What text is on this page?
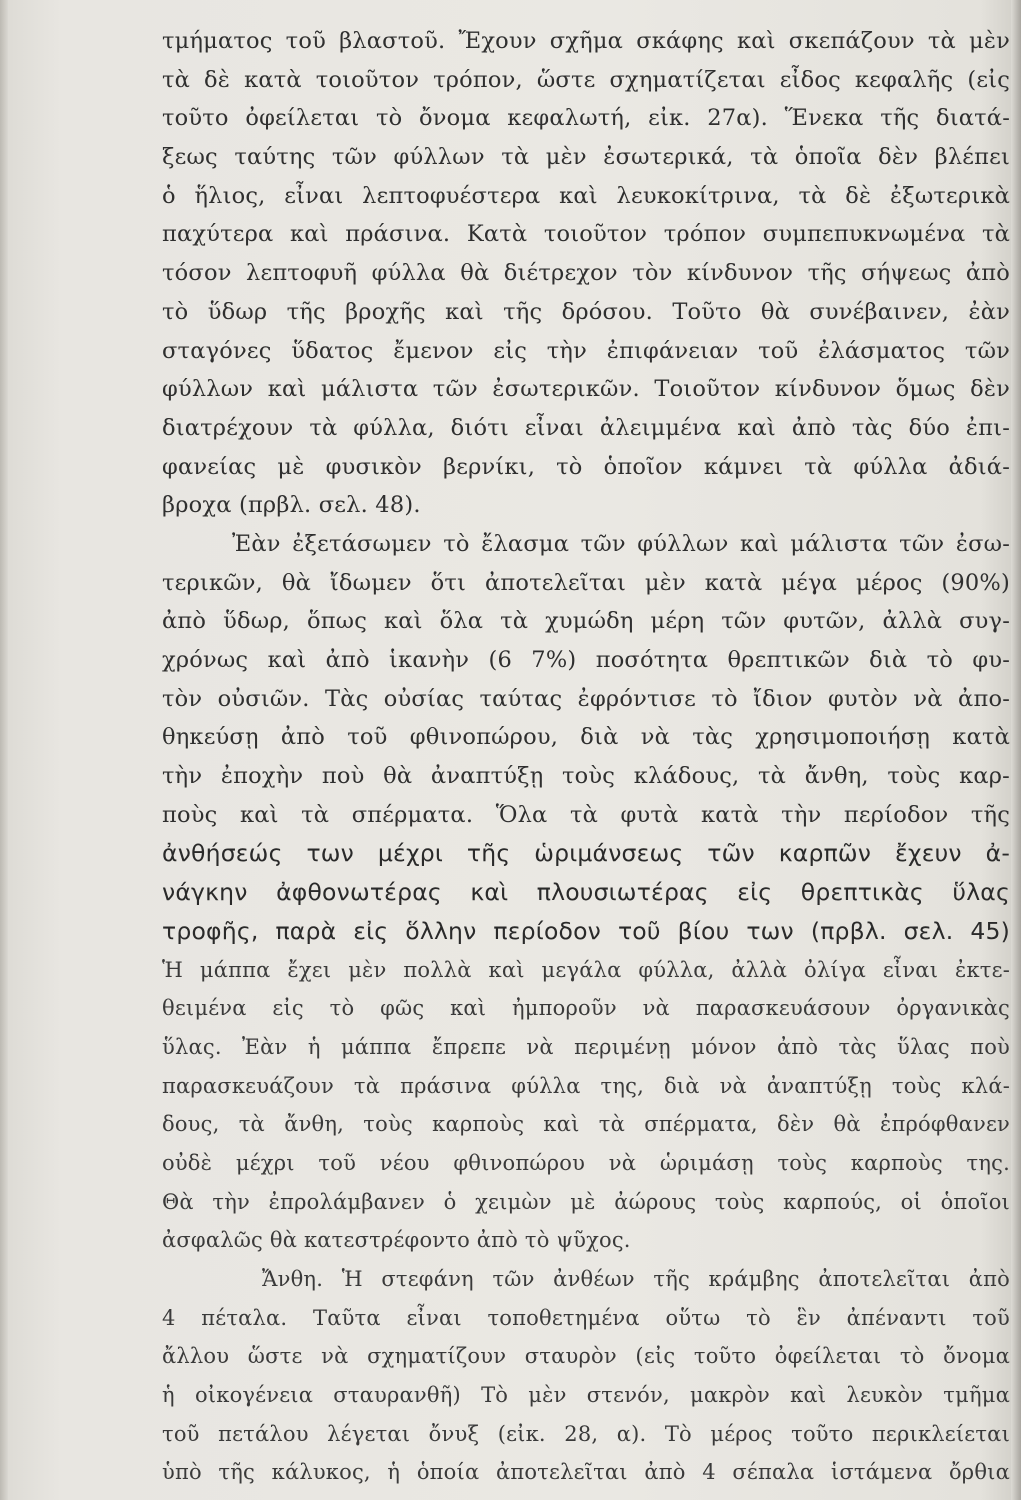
τμήματος τοῦ βλαστοῦ. Ἔχουν σχῆμα σκάφης καὶ σκεπάζουν τὰ μὲν
τὰ δὲ κατὰ τοιοῦτον τρόπον, ὥστε σχηματίζεται εἶδος κεφαλῆς (εἰς
τοῦτο ὀφείλεται τὸ ὄνομα κεφαλωτή, εἰκ. 27α). Ἕνεκα τῆς διατά-
ξεως ταύτης τῶν φύλλων τὰ μὲν ἐσωτερικά, τὰ ὁποῖα δὲν βλέπει
ὁ ἥλιος, εἶναι λεπτοφυέστερα καὶ λευκοκίτρινα, τὰ δὲ ἐξωτερικὰ
παχύτερα καὶ πράσινα. Κατὰ τοιοῦτον τρόπον συμπεπυκνωμένα τὰ
τόσον λεπτοφυῆ φύλλα θὰ διέτρεχον τὸν κίνδυνον τῆς σήψεως ἀπὸ
τὸ ὕδωρ τῆς βροχῆς καὶ τῆς δρόσου. Τοῦτο θὰ συνέβαινεν, ἐὰν
σταγόνες ὕδατος ἔμενον εἰς τὴν ἐπιφάνειαν τοῦ ἐλάσματος τῶν
φύλλων καὶ μάλιστα τῶν ἐσωτερικῶν. Τοιοῦτον κίνδυνον ὅμως δὲν
διατρέχουν τὰ φύλλα, διότι εἶναι ἀλειμμένα καὶ ἀπὸ τὰς δύο ἐπι-
φανείας μὲ φυσικὸν βερνίκι, τὸ ὁποῖον κάμνει τὰ φύλλα ἀδιά-
βροχα (πρβλ. σελ. 48).
Ἐὰν ἐξετάσωμεν τὸ ἔλασμα τῶν φύλλων καὶ μάλιστα τῶν ἐσω-
τερικῶν, θὰ ἴδωμεν ὅτι ἀποτελεῖται μὲν κατὰ μέγα μέρος (90%)
ἀπὸ ὕδωρ, ὅπως καὶ ὅλα τὰ χυμώδη μέρη τῶν φυτῶν, ἀλλὰ συγ-
χρόνως καὶ ἀπὸ ἱκανὴν (6 7%) ποσότητα θρεπτικῶν διὰ τὸ φυ-
τὸν οὐσιῶν. Τὰς οὐσίας ταύτας ἐφρόντισε τὸ ἴδιον φυτὸν νὰ ἀπο-
θηκεύσῃ ἀπὸ τοῦ φθινοπώρου, διὰ νὰ τὰς χρησιμοποιήσῃ κατὰ
τὴν ἐποχὴν ποὺ θὰ ἀναπτύξῃ τοὺς κλάδους, τὰ ἄνθη, τοὺς καρ-
ποὺς καὶ τὰ σπέρματα. Ὅλα τὰ φυτὰ κατὰ τὴν περίοδον τῆς
ἀνθήσεώς των μέχρι τῆς ὡριμάνσεως τῶν καρπῶν ἔχευν ἀ-
νάγκην ἀφθονωτέρας καὶ πλουσιωτέρας εἰς θρεπτικὰς ὕλας
τροφῆς, παρὰ εἰς ὅλλην περίοδον τοῦ βίου των (πρβλ. σελ. 45)
Ἡ μάππα ἔχει μὲν πολλὰ καὶ μεγάλα φύλλα, ἀλλὰ ὀλίγα εἶναι ἐκτε-
θειμένα εἰς τὸ φῶς καὶ ἠμποροῦν νὰ παρασκευάσουν ὀργανικὰς
ὕλας. Ἐὰν ἡ μάππα ἔπρεπε νὰ περιμένῃ μόνον ἀπὸ τὰς ὕλας ποὺ
παρασκευάζουν τὰ πράσινα φύλλα της, διὰ νὰ ἀναπτύξῃ τοὺς κλά-
δους, τὰ ἄνθη, τοὺς καρποὺς καὶ τὰ σπέρματα, δὲν θὰ ἐπρόφθανεν
οὐδὲ μέχρι τοῦ νέου φθινοπώρου νὰ ὡριμάσῃ τοὺς καρποὺς της.
Θὰ τὴν ἐπρολάμβανεν ὁ χειμὼν μὲ ἀώρους τοὺς καρπούς, οἱ ὁποῖοι
ἀσφαλῶς θὰ κατεστρέφοντο ἀπὸ τὸ ψῦχος.
Ἄνθη. Ἡ στεφάνη τῶν ἀνθέων τῆς κράμβης ἀποτελεῖται ἀπὸ
4 πέταλα. Ταῦτα εἶναι τοποθετημένα οὕτω τὸ ἓν ἀπέναντι τοῦ
ἄλλου ὥστε νὰ σχηματίζουν σταυρὸν (εἰς τοῦτο ὀφείλεται τὸ ὄνομα
ἡ οἰκογένεια σταυρανθῆ) Τὸ μὲν στενόν, μακρὸν καὶ λευκὸν τμῆμα
τοῦ πετάλου λέγεται ὄνυξ (εἰκ. 28, α). Τὸ μέρος τοῦτο περικλείεται
ὑπὸ τῆς κάλυκος, ἡ ὁποία ἀποτελεῖται ἀπὸ 4 σέπαλα ἱστάμενα ὄρθια
